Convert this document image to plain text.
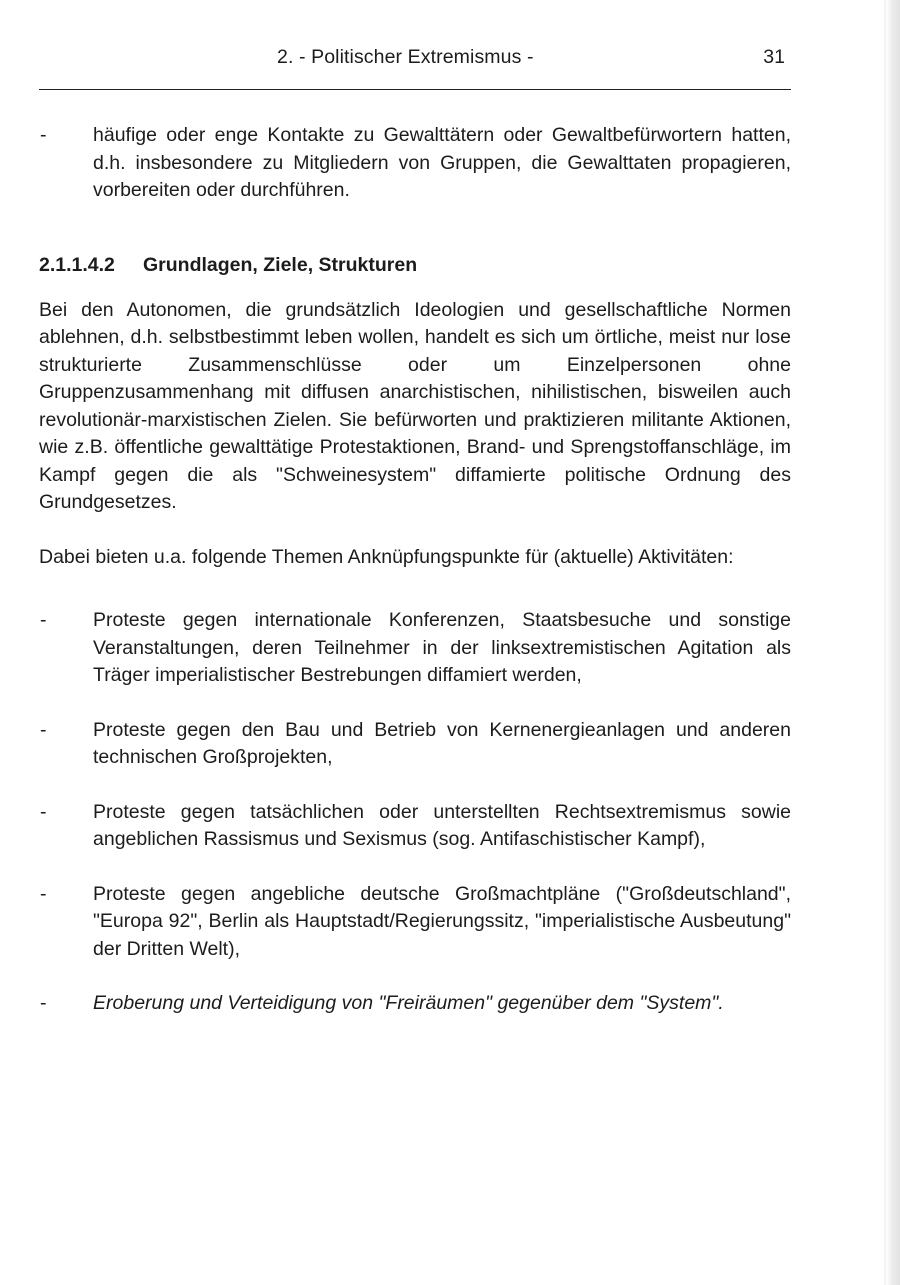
2. - Politischer Extremismus -	31
- häufige oder enge Kontakte zu Gewalttätern oder Gewaltbefürwortern hatten, d.h. insbesondere zu Mitgliedern von Gruppen, die Gewalttaten propagieren, vorbereiten oder durchführen.
2.1.1.4.2 Grundlagen, Ziele, Strukturen

Bei den Autonomen, die grundsätzlich Ideologien und gesellschaftliche Normen ablehnen, d.h. selbstbestimmt leben wollen, handelt es sich um örtliche, meist nur lose strukturierte Zusammenschlüsse oder um Einzelpersonen ohne Gruppenzusammenhang mit diffusen anarchistischen, nihilistischen, bisweilen auch revolutionär-marxistischen Zielen. Sie befürworten und praktizieren militante Aktionen, wie z.B. öffentliche gewalttätige Protestaktionen, Brand- und Sprengstoffanschläge, im Kampf gegen die als "Schweinesystem" diffamierte politische Ordnung des Grundgesetzes.

Dabei bieten u.a. folgende Themen Anknüpfungspunkte für (aktuelle) Aktivitäten:

- Proteste gegen internationale Konferenzen, Staatsbesuche und sonstige Veranstaltungen, deren Teilnehmer in der linksextremistischen Agitation als Träger imperialistischer Bestrebungen diffamiert werden,
- Proteste gegen den Bau und Betrieb von Kernenergieanlagen und anderen technischen Großprojekten,
- Proteste gegen tatsächlichen oder unterstellten Rechtsextremismus sowie angeblichen Rassismus und Sexismus (sog. Antifaschistischer Kampf),
- Proteste gegen angebliche deutsche Großmachtpläne ("Großdeutschland", "Europa 92", Berlin als Hauptstadt/Regierungssitz, "imperialistische Ausbeutung" der Dritten Welt),
- Eroberung und Verteidigung von "Freiräumen" gegenüber dem "System".
